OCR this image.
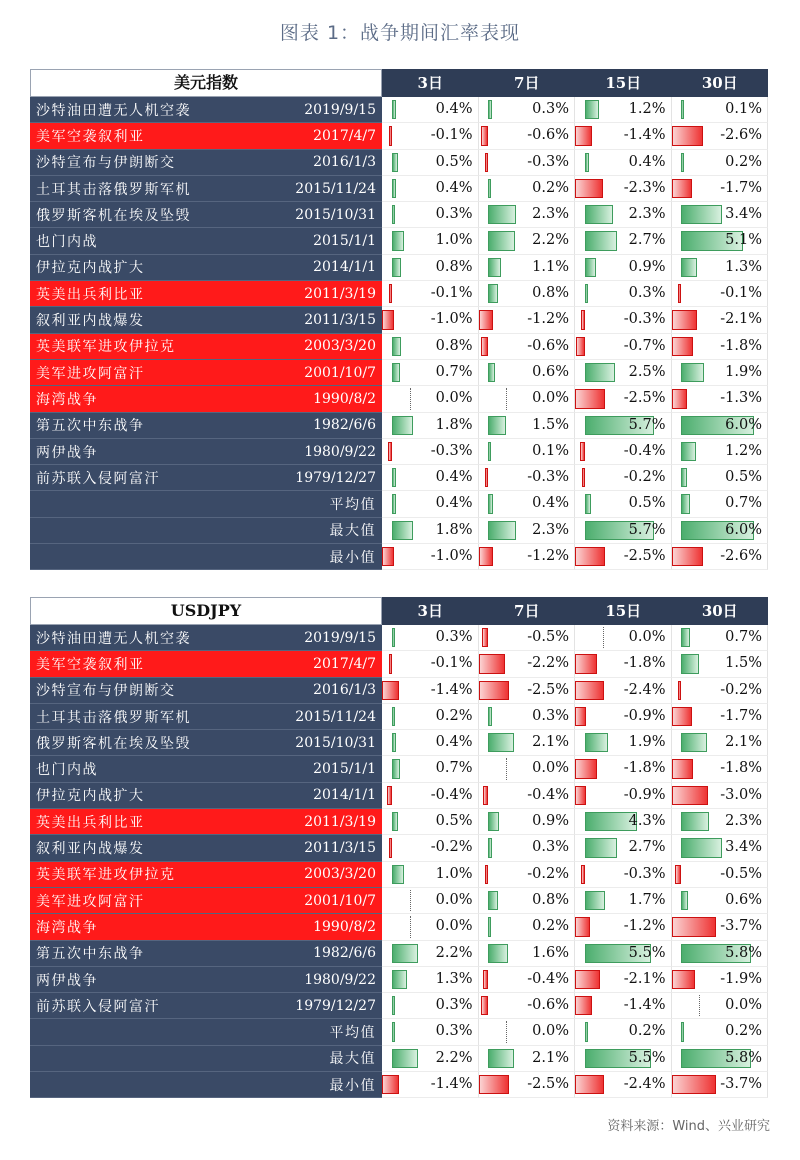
图表 1：战争期间汇率表现
美元指数	3日	7日	15日	30日
沙特油田遭无人机空袭	2019/9/15	0.4%	0.3%	1.2%	0.1%
美军空袭叙利亚	2017/4/7	-0.1%	-0.6%	-1.4%	-2.6%
沙特宣布与伊朗断交	2016/1/3	0.5%	-0.3%	0.4%	0.2%
土耳其击落俄罗斯军机	2015/11/24	0.4%	0.2%	-2.3%	-1.7%
俄罗斯客机在埃及坠毁	2015/10/31	0.3%	2.3%	2.3%	3.4%
也门内战	2015/1/1	1.0%	2.2%	2.7%	5.1%
伊拉克内战扩大	2014/1/1	0.8%	1.1%	0.9%	1.3%
英美出兵利比亚	2011/3/19	-0.1%	0.8%	0.3%	-0.1%
叙利亚内战爆发	2011/3/15	-1.0%	-1.2%	-0.3%	-2.1%
英美联军进攻伊拉克	2003/3/20	0.8%	-0.6%	-0.7%	-1.8%
美军进攻阿富汗	2001/10/7	0.7%	0.6%	2.5%	1.9%
海湾战争	1990/8/2	0.0%	0.0%	-2.5%	-1.3%
第五次中东战争	1982/6/6	1.8%	1.5%	5.7%	6.0%
两伊战争	1980/9/22	-0.3%	0.1%	-0.4%	1.2%
前苏联入侵阿富汗	1979/12/27	0.4%	-0.3%	-0.2%	0.5%
平均值	0.4%	0.4%	0.5%	0.7%
最大值	1.8%	2.3%	5.7%	6.0%
最小值	-1.0%	-1.2%	-2.5%	-2.6%
USDJPY	3日	7日	15日	30日
沙特油田遭无人机空袭	2019/9/15	0.3%	-0.5%	0.0%	0.7%
美军空袭叙利亚	2017/4/7	-0.1%	-2.2%	-1.8%	1.5%
沙特宣布与伊朗断交	2016/1/3	-1.4%	-2.5%	-2.4%	-0.2%
土耳其击落俄罗斯军机	2015/11/24	0.2%	0.3%	-0.9%	-1.7%
俄罗斯客机在埃及坠毁	2015/10/31	0.4%	2.1%	1.9%	2.1%
也门内战	2015/1/1	0.7%	0.0%	-1.8%	-1.8%
伊拉克内战扩大	2014/1/1	-0.4%	-0.4%	-0.9%	-3.0%
英美出兵利比亚	2011/3/19	0.5%	0.9%	4.3%	2.3%
叙利亚内战爆发	2011/3/15	-0.2%	0.3%	2.7%	3.4%
英美联军进攻伊拉克	2003/3/20	1.0%	-0.2%	-0.3%	-0.5%
美军进攻阿富汗	2001/10/7	0.0%	0.8%	1.7%	0.6%
海湾战争	1990/8/2	0.0%	0.2%	-1.2%	-3.7%
第五次中东战争	1982/6/6	2.2%	1.6%	5.5%	5.8%
两伊战争	1980/9/22	1.3%	-0.4%	-2.1%	-1.9%
前苏联入侵阿富汗	1979/12/27	0.3%	-0.6%	-1.4%	0.0%
平均值	0.3%	0.0%	0.2%	0.2%
最大值	2.2%	2.1%	5.5%	5.8%
最小值	-1.4%	-2.5%	-2.4%	-3.7%
资料来源：Wind、兴业研究
